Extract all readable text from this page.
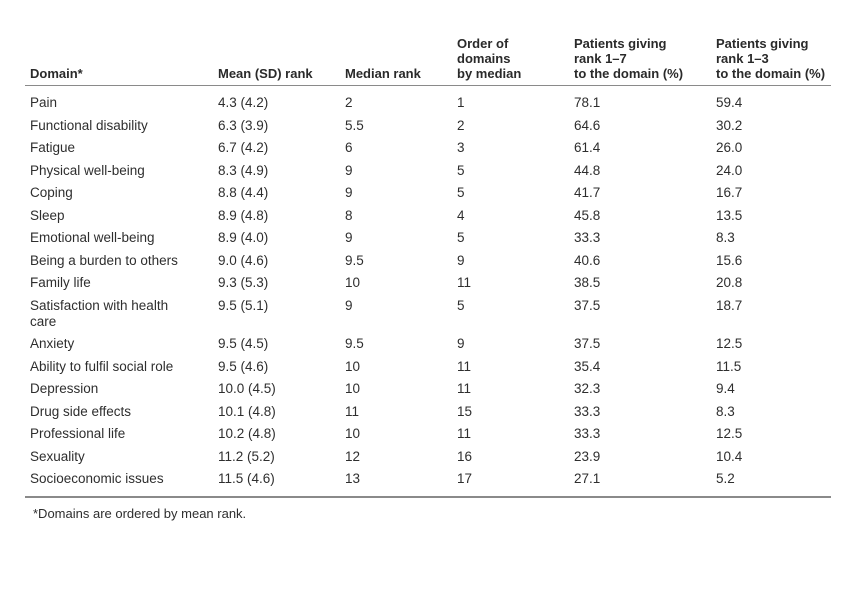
Domain*	Mean (SD) rank	Median rank	Order of
domains
by median	Patients giving
rank 1–7
to the domain (%)	Patients giving
rank 1–3
to the domain (%)

Pain	4.3 (4.2)	2	1	78.1	59.4

Functional disability	6.3 (3.9)	5.5	2	64.6	30.2

Fatigue	6.7 (4.2)	6	3	61.4	26.0

Physical well-being	8.3 (4.9)	9	5	44.8	24.0

Coping	8.8 (4.4)	9	5	41.7	16.7

Sleep	8.9 (4.8)	8	4	45.8	13.5

Emotional well-being	8.9 (4.0)	9	5	33.3	8.3

Being a burden to others	9.0 (4.6)	9.5	9	40.6	15.6

Family life	9.3 (5.3)	10	11	38.5	20.8

Satisfaction with health care	9.5 (5.1)	9	5	37.5	18.7

Anxiety	9.5 (4.5)	9.5	9	37.5	12.5

Ability to fulfil social role	9.5 (4.6)	10	11	35.4	11.5

Depression	10.0 (4.5)	10	11	32.3	9.4

Drug side effects	10.1 (4.8)	11	15	33.3	8.3

Professional life	10.2 (4.8)	10	11	33.3	12.5

Sexuality	11.2 (5.2)	12	16	23.9	10.4

Socioeconomic issues	11.5 (4.6)	13	17	27.1	5.2
*Domains are ordered by mean rank.
